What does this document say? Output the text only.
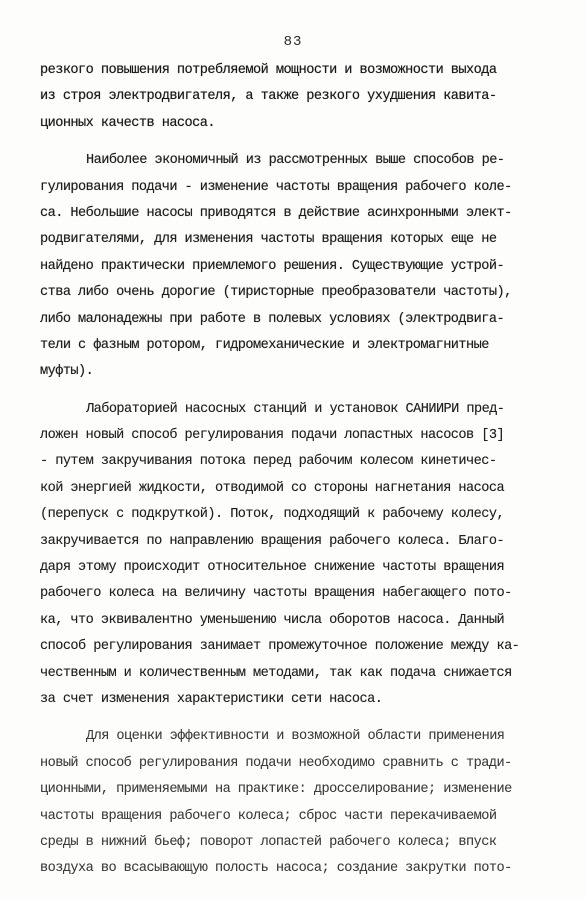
83
резкого повышения потребляемой мощности и возможности выхода
из строя электродвигателя, а также резкого ухудшения кавита-
ционных качеств насоса.
Наиболее экономичный из рассмотренных выше способов ре-
гулирования подачи - изменение частоты вращения рабочего коле-
са. Небольшие насосы приводятся в действие асинхронными элект-
родвигателями, для изменения частоты вращения которых еще не
найдено практически приемлемого решения. Существующие устрой-
ства либо очень дорогие (тиристорные преобразователи частоты),
либо малонадежны при работе в полевых условиях (электродвига-
тели с фазным ротором, гидромеханические и электромагнитные
муфты).
Лабораторией насосных станций и установок САНИИРИ пред-
ложен новый способ регулирования подачи лопастных насосов [3]
- путем закручивания потока перед рабочим колесом кинетичес-
кой энергией жидкости, отводимой со стороны нагнетания насоса
(перепуск с подкруткой). Поток, подходящий к рабочему колесу,
закручивается по направлению вращения рабочего колеса. Благо-
даря этому происходит относительное снижение частоты вращения
рабочего колеса на величину частоты вращения набегающего пото-
ка, что эквивалентно уменьшению числа оборотов насоса. Данный
способ регулирования занимает промежуточное положение между ка-
чественным и количественным методами, так как подача снижается
за счет изменения характеристики сети насоса.
Для оценки эффективности и возможной области применения
новый способ регулирования подачи необходимо сравнить с тради-
ционными, применяемыми на практике: дросселирование; изменение
частоты вращения рабочего колеса; сброс части перекачиваемой
среды в нижний бьеф; поворот лопастей рабочего колеса; впуск
воздуха во всасывающую полость насоса; создание закрутки пото-
